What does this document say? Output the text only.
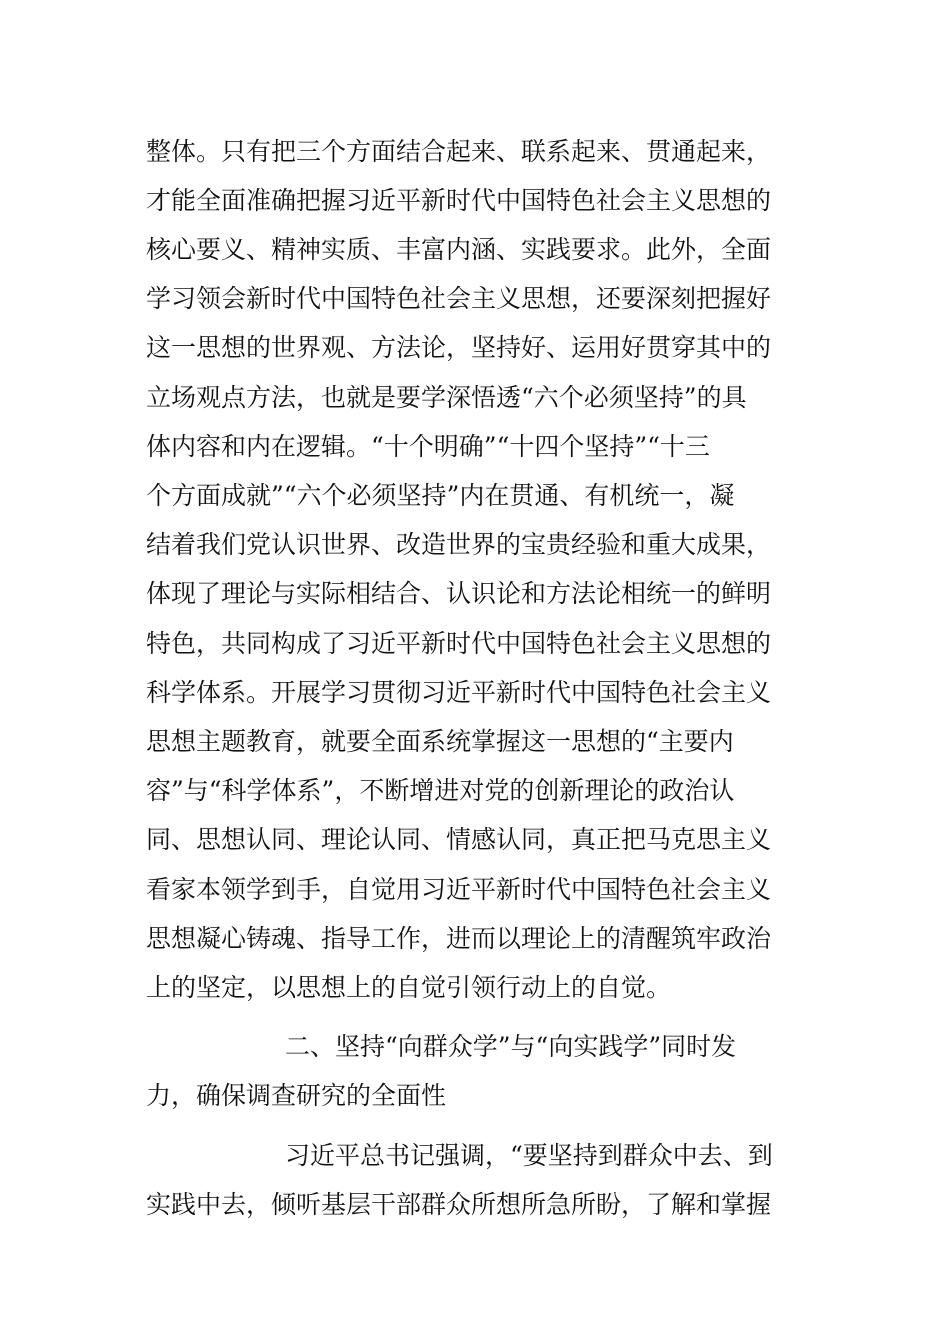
整体。只有把三个方面结合起来、联系起来、贯通起来，
才能全面准确把握习近平新时代中国特色社会主义思想的
核心要义、精神实质、丰富内涵、实践要求。此外，全面
学习领会新时代中国特色社会主义思想，还要深刻把握好
这一思想的世界观、方法论，坚持好、运用好贯穿其中的
立场观点方法，也就是要学深悟透“六个必须坚持”的具
体内容和内在逻辑。“十个明确”“十四个坚持”“十三
个方面成就”“六个必须坚持”内在贯通、有机统一，凝
结着我们党认识世界、改造世界的宝贵经验和重大成果，
体现了理论与实际相结合、认识论和方法论相统一的鲜明
特色，共同构成了习近平新时代中国特色社会主义思想的
科学体系。开展学习贯彻习近平新时代中国特色社会主义
思想主题教育，就要全面系统掌握这一思想的“主要内
容”与“科学体系”，不断增进对党的创新理论的政治认
同、思想认同、理论认同、情感认同，真正把马克思主义
看家本领学到手，自觉用习近平新时代中国特色社会主义
思想凝心铸魂、指导工作，进而以理论上的清醒筑牢政治
上的坚定，以思想上的自觉引领行动上的自觉。
二、坚持“向群众学”与“向实践学”同时发
力，确保调查研究的全面性
习近平总书记强调，“要坚持到群众中去、到
实践中去，倾听基层干部群众所想所急所盼，了解和掌握
